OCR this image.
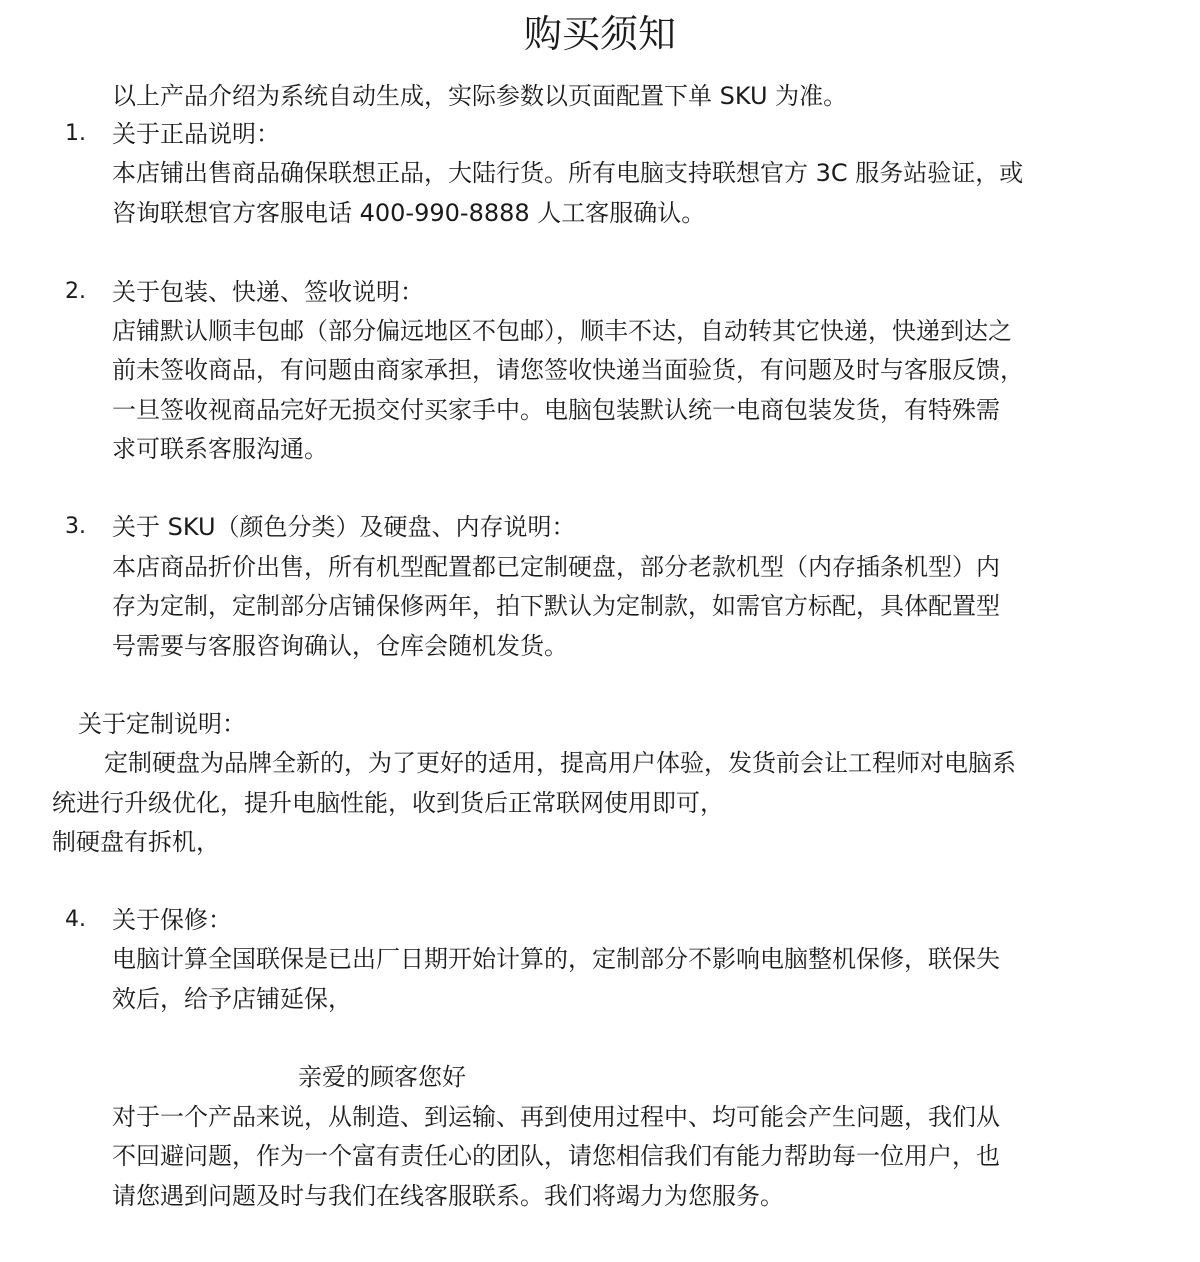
购买须知

以上产品介绍为系统自动生成，实际参数以页面配置下单 SKU 为准。

1. 关于正品说明：

本店铺出售商品确保联想正品，大陆行货。所有电脑支持联想官方 3C 服务站验证，或

咨询联想官方客服电话 400-990-8888 人工客服确认。

2. 关于包装、快递、签收说明：

店铺默认顺丰包邮（部分偏远地区不包邮），顺丰不达，自动转其它快递，快递到达之

前未签收商品，有问题由商家承担，请您签收快递当面验货，有问题及时与客服反馈，

一旦签收视商品完好无损交付买家手中。电脑包装默认统一电商包装发货，有特殊需

求可联系客服沟通。

3. 关于 SKU（颜色分类）及硬盘、内存说明：

本店商品折价出售，所有机型配置都已定制硬盘，部分老款机型（内存插条机型）内

存为定制，定制部分店铺保修两年，拍下默认为定制款，如需官方标配，具体配置型

号需要与客服咨询确认，仓库会随机发货。

关于定制说明：

定制硬盘为品牌全新的，为了更好的适用，提高用户体验，发货前会让工程师对电脑系

统进行升级优化，提升电脑性能，收到货后正常联网使用即可，

制硬盘有拆机，

4. 关于保修：

电脑计算全国联保是已出厂日期开始计算的，定制部分不影响电脑整机保修，联保失

效后，给予店铺延保，

亲爱的顾客您好

对于一个产品来说，从制造、到运输、再到使用过程中、均可能会产生问题，我们从

不回避问题，作为一个富有责任心的团队，请您相信我们有能力帮助每一位用户，也

请您遇到问题及时与我们在线客服联系。我们将竭力为您服务。
